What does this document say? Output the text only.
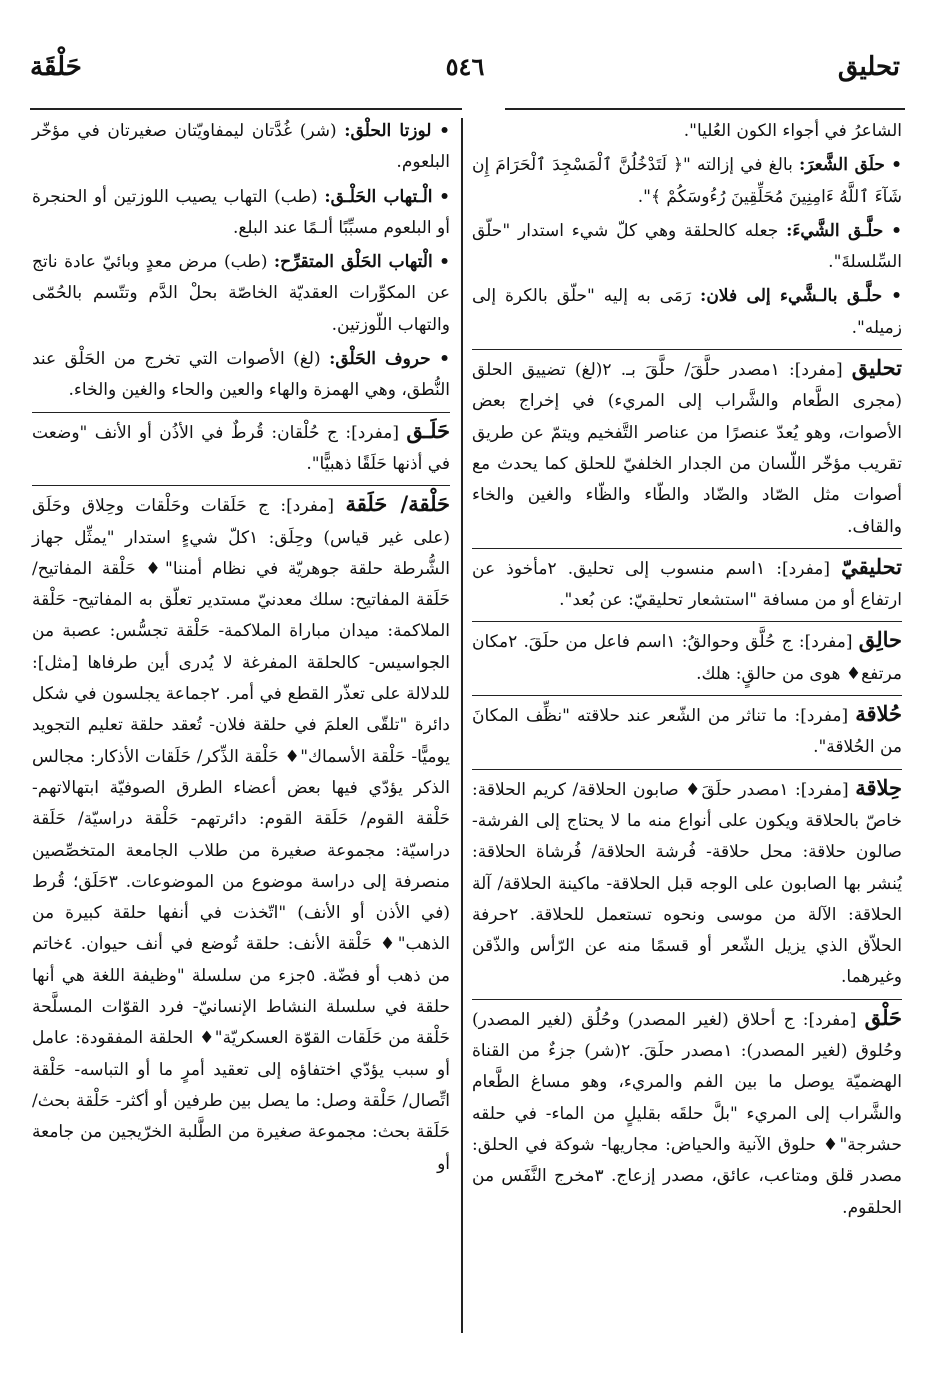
تحليق
٥٤٦
حَلْقَة

الشاعرُ في أجواء الكون العُليا".

• حلَق الشَّعرَ: بالغ في إزالته "﴿ لَتَدْخُلُنَّ ٱلْمَسْجِدَ ٱلْحَرَامَ إِن شَآءَ ٱللَّهُ ءَامِنِينَ مُحَلِّقِينَ رُءُوسَكُمْ ﴾".

• حلَّـق الشَّيءَ: جعله كالحلقة وهي كلّ شيء استدار "حلّق السِّلسلةَ".

• حلَّـق بالـشَّيء إلى فلان: رَمَى به إليه "حلّق بالكرة إلى زميله".

تحليق [مفرد]: ١مصدر حلَّقَ/ حلَّقَ بـ. ٢(لغ) تضييق الحلق (مجرى الطَّعام والشَّراب إلى المريء) في إخراج بعض الأصوات، وهو يُعدّ عنصرًا من عناصر التَّفخيم ويتمّ عن طريق تقريب مؤخّر اللّسان من الجدار الخلفيّ للحلق كما يحدث مع أصوات مثل الصّاد والضّاد والطّاء والظّاء والغين والخاء والقاف.

تحليقيّ [مفرد]: ١اسم منسوب إلى تحليق. ٢مأخوذ عن ارتفاع أو من مسافة "استشعار تحليقيّ: عن بُعد".

حالِق [مفرد]: ج حُلَّق وحوالقُ: ١اسم فاعل من حلَقَ. ٢مكان مرتفع♦ هوى من حالقٍ: هلك.

حُلاقة [مفرد]: ما تناثر من الشّعر عند حلاقته "نظِّف المكانَ من الحُلاقة".

حِلاقة [مفرد]: ١مصدر حلَقَ♦ صابون الحلاقة/ كريم الحلاقة: خاصّ بالحلاقة ويكون على أنواع منه ما لا يحتاج إلى الفرشة- صالون حلاقة: محل حلاقة- فُرشة الحلاقة/ فُرشاة الحلاقة: يُنشر بها الصابون على الوجه قبل الحلاقة- ماكينة الحلاقة/ آلة الحلاقة: الآلة من موسى ونحوه تستعمل للحلاقة. ٢حرفة الحلاّق الذي يزيل الشّعر أو قسمًا منه عن الرّأس والذّقن وغيرهما.

حَلْق [مفرد]: ج أحلاق (لغير المصدر) وحُلُق (لغير المصدر) وحُلوق (لغير المصدر): ١مصدر حلَقَ. ٢(شر) جزءٌ من القناة الهضميّة يوصل ما بين الفم والمريء، وهو مساغ الطَّعام والشَّراب إلى المريء "بلَّ حلقَه بقليلٍ من الماء- في حلقه حشرجة"♦ حلوق الآنية والحياض: مجاريها- شوكة في الحلق: مصدر قلق ومتاعب، عائق، مصدر إزعاج. ٣مخرج النَّفَس من الحلقوم.

• لوزتا الحلْق: (شر) غُدَّتان ليمفاويّتان صغيرتان في مؤخّر البلعوم.

• الْـتهاب الحَلْـق: (طب) التهاب يصيب اللوزتين أو الحنجرة أو البلعوم مسبِّبًا ألـمًا عند البلع.

• الْتهاب الحَلْق المتقرِّح: (طب) مرض معدٍ وبائيّ عادة ناتج عن المكوِّرات العقديّة الخاصّة بحلْ الدَّم وتتّسم بالحُمّى والتهاب اللّوزتين.

• حروف الحَلْق: (لغ) الأصوات التي تخرج من الحَلْق عند النُّطق، وهي الهمزة والهاء والعين والحاء والغين والخاء.

حَلَـق [مفرد]: ج حُلْقان: قُرطٌ في الأذُن أو الأنف "وضعت في أذنها حَلَقًا ذهبيًّا".

حَلْقة/ حَلَقة [مفرد]: ج حَلَقات وحَلْقات وحِلاق وحَلَق (على غير قياس) وحِلَق: ١كلّ شيءٍ استدار "يمثِّل جهاز الشُّرطة حلقة جوهريّة في نظام أمننا"♦ حَلْقة المفاتيح/ حَلَقة المفاتيح: سلك معدنيّ مستدير تعلّق به المفاتيح- حَلْقة الملاكمة: ميدان مباراة الملاكمة- حَلْقة تجسُّس: عصبة من الجواسيس- كالحلقة المفرغة لا يُدرى أين طرفاها [مثل]: للدلالة على تعذّر القطع في أمر. ٢جماعة يجلسون في شكل دائرة "تلقّى العلمَ في حلقة فلان- تُعقد حلقة تعليم التجويد يوميًّا- حَلْقة الأسماك"♦ حَلْقة الذِّكر/ حَلَقات الأذكار: مجالس الذكر يؤدّي فيها بعض أعضاء الطرق الصوفيّة ابتهالاتهم- حَلْقة القوم/ حَلَقة القوم: دائرتهم- حَلْقة دراسيّة/ حَلَقة دراسيّة: مجموعة صغيرة من طلاب الجامعة المتخصِّصين منصرفة إلى دراسة موضوع من الموضوعات. ٣حَلَق؛ قُرط (في الأذن أو الأنف) "اتّخذت في أنفها حلقة كبيرة من الذهب"♦ حَلْقة الأنف: حلقة تُوضع في أنف حيوان. ٤خاتم من ذهب أو فضّة. ٥جزء من سلسلة "وظيفة اللغة هي أنها حلقة في سلسلة النشاط الإنسانيّ- فرد القوّات المسلَّحة حَلْقة من حَلَقات القوّة العسكريّة"♦ الحلقة المفقودة: عامل أو سبب يؤدّي اختفاؤه إلى تعقيد أمرٍ ما أو التباسه- حَلْقة اتِّصال/ حَلْقة وصل: ما يصل بين طرفين أو أكثر- حَلْقة بحث/ حَلَقة بحث: مجموعة صغيرة من الطَّلبة الخرّيجين من جامعة أو
